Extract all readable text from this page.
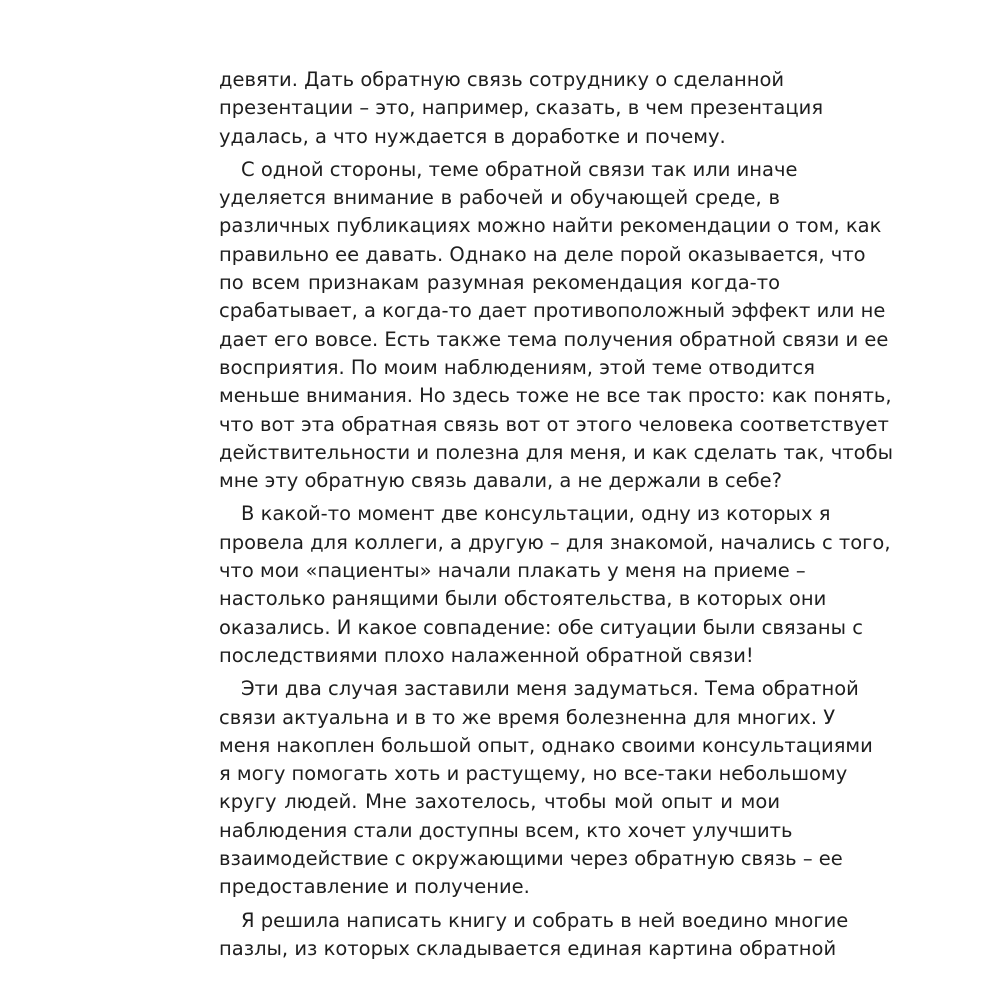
девяти. Дать обратную связь сотруднику о сделанной
презентации – это, например, сказать, в чем презентация
удалась, а что нуждается в доработке и почему.
С одной стороны, теме обратной связи так или иначе
уделяется внимание в рабочей и обучающей среде, в
различных публикациях можно найти рекомендации о том, как
правильно ее давать. Однако на деле порой оказывается, что
по всем признакам разумная рекомендация когда-то
срабатывает, а когда-то дает противоположный эффект или не
дает его вовсе. Есть также тема получения обратной связи и ее
восприятия. По моим наблюдениям, этой теме отводится
меньше внимания. Но здесь тоже не все так просто: как понять,
что вот эта обратная связь вот от этого человека соответствует
действительности и полезна для меня, и как сделать так, чтобы
мне эту обратную связь давали, а не держали в себе?
В какой-то момент две консультации, одну из которых я
провела для коллеги, а другую – для знакомой, начались с того,
что мои «пациенты» начали плакать у меня на приеме –
настолько ранящими были обстоятельства, в которых они
оказались. И какое совпадение: обе ситуации были связаны с
последствиями плохо налаженной обратной связи!
Эти два случая заставили меня задуматься. Тема обратной
связи актуальна и в то же время болезненна для многих. У
меня накоплен большой опыт, однако своими консультациями
я могу помогать хоть и растущему, но все-таки небольшому
кругу людей. Мне захотелось, чтобы мой опыт и мои
наблюдения стали доступны всем, кто хочет улучшить
взаимодействие с окружающими через обратную связь – ее
предоставление и получение.
Я решила написать книгу и собрать в ней воедино многие
пазлы, из которых складывается единая картина обратной
